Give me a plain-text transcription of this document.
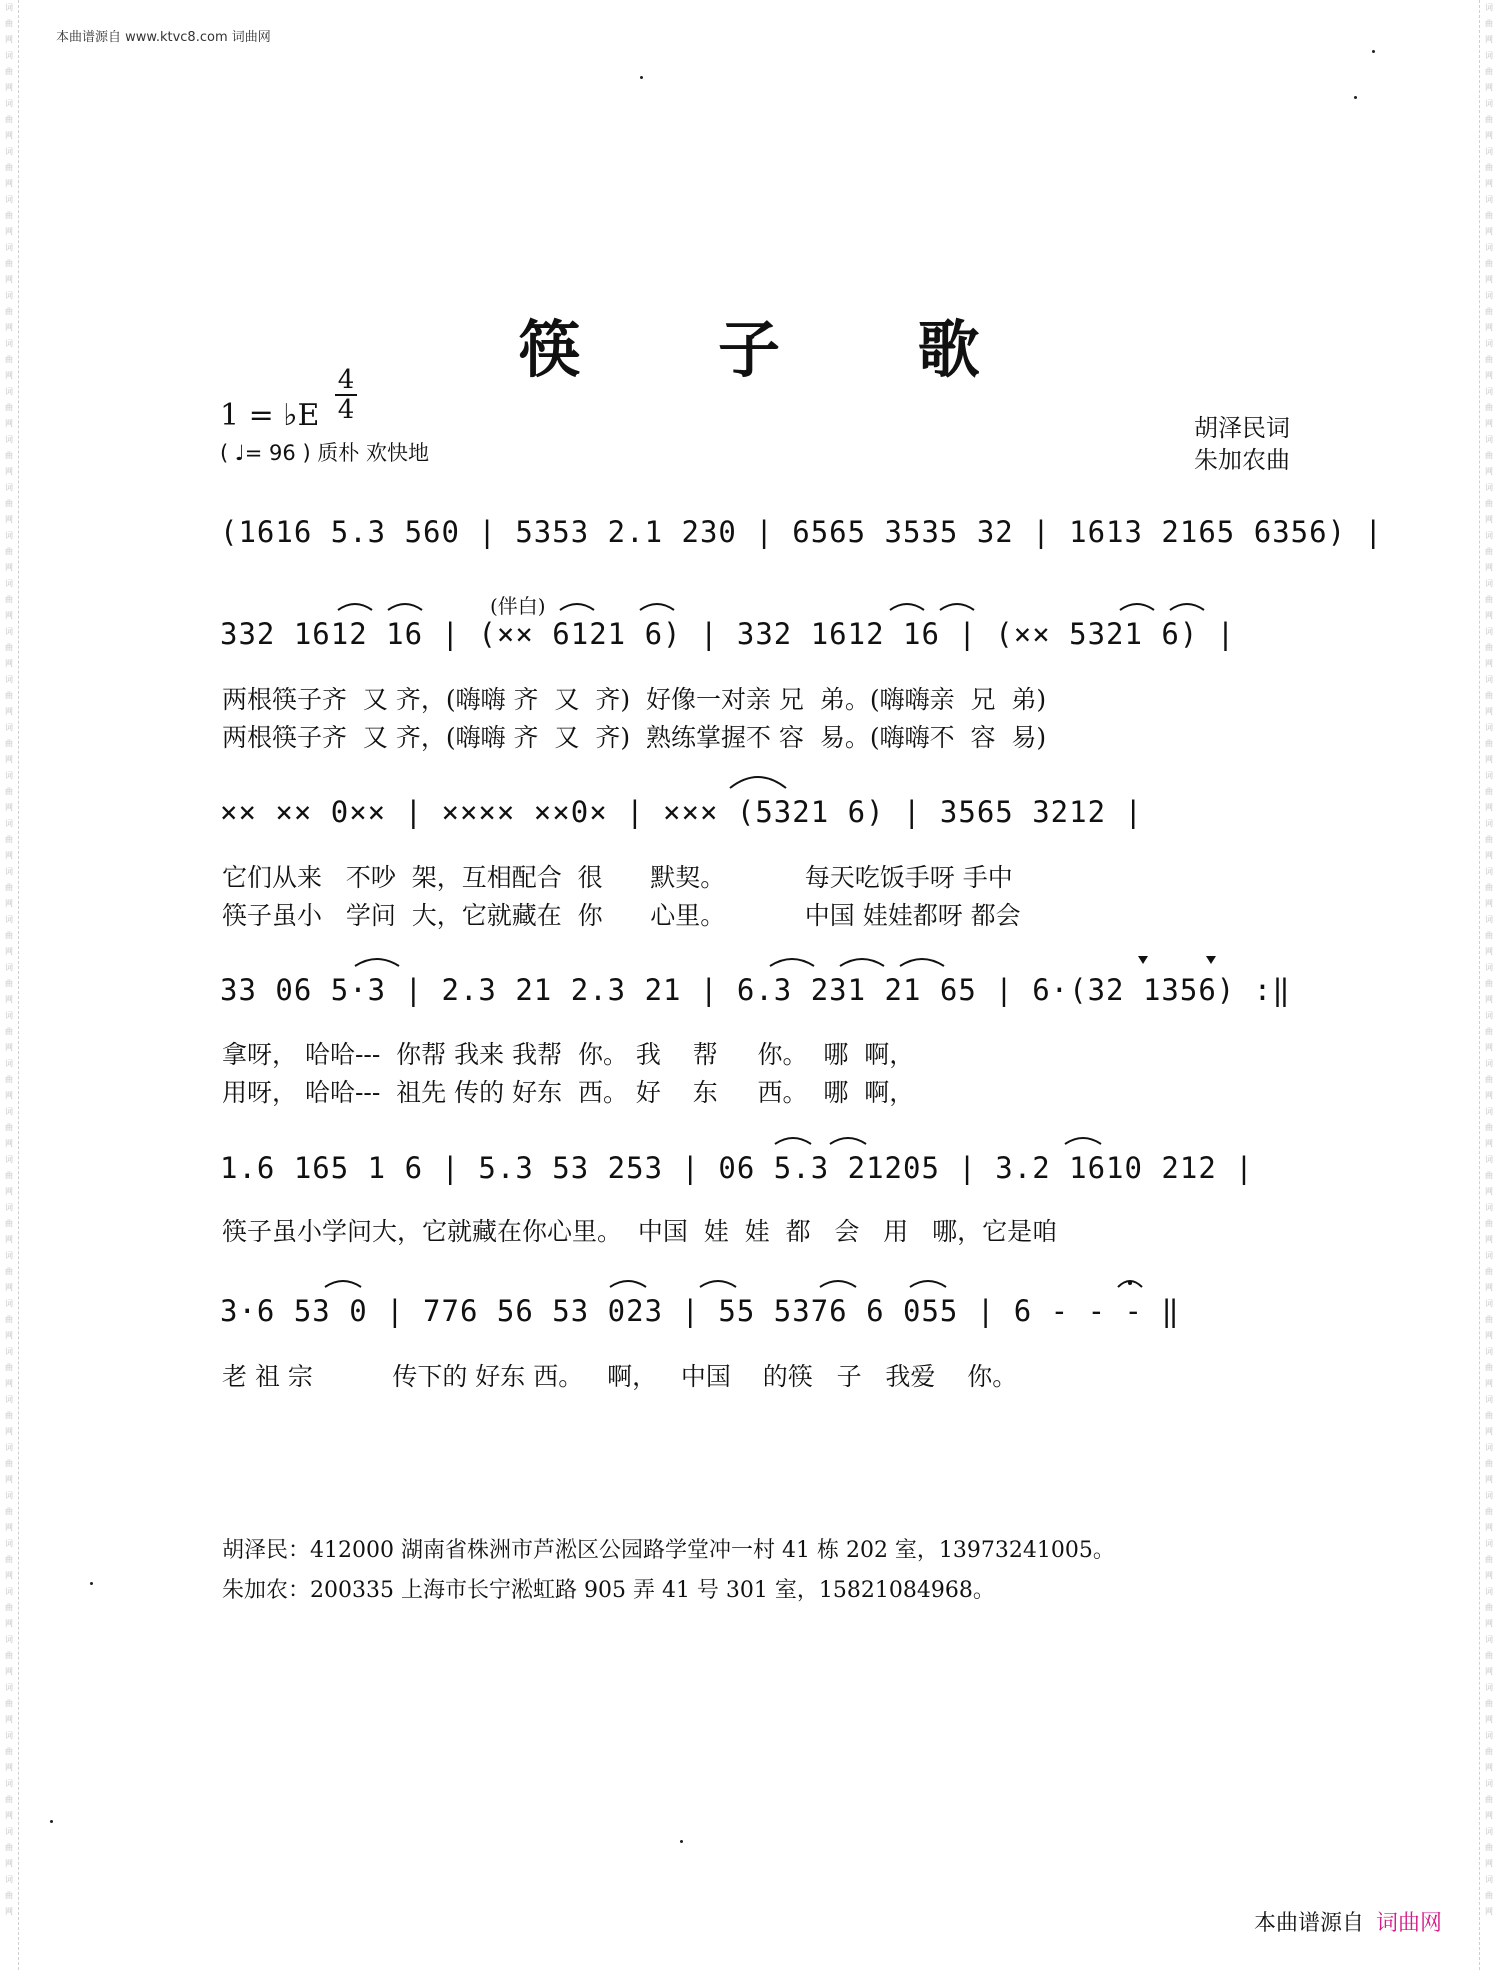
词曲网词曲网词曲网词曲网词曲网词曲网词曲网词曲网词曲网词曲网词曲网词曲网词曲网词曲网词曲网词曲网词曲网词曲网词曲网词曲网词曲网词曲网词曲网词曲网词曲网词曲网词曲网词曲网词曲网词曲网词曲网词曲网词曲网词曲网词曲网词曲网词曲网词曲网词曲网词曲网
词曲网词曲网词曲网词曲网词曲网词曲网词曲网词曲网词曲网词曲网词曲网词曲网词曲网词曲网词曲网词曲网词曲网词曲网词曲网词曲网词曲网词曲网词曲网词曲网词曲网词曲网词曲网词曲网词曲网词曲网词曲网词曲网词曲网词曲网词曲网词曲网词曲网词曲网词曲网词曲网
本曲谱源自 www.ktvc8.com 词曲网
筷 子 歌
1 = ♭E
4
4
( ♩= 96 ) 质朴 欢快地
胡泽民词
朱加农曲
(伴白)
(1616 5.3 560 | 5353 2.1 230 | 6565 3535 32 | 1613 2165 6356) |
332 1612 16 | (×× 6121 6) | 332 1612 16 | (×× 5321 6) |
×× ×× 0×× | ×××× ××0× | ××× (5321 6) | 3565 3212 |
33 06 5·3 | 2.3 21 2.3 21 | 6.3 231 21 65 | 6·(32 1356) :‖
1.6 165 1 6 | 5.3 53 253 | 06 5.3 21205 | 3.2 1610 212 |
3·6 53 0 | 776 56 53 023 | 55 5376 6 055 | 6 - - - ‖
两根筷子齐  又 齐，(嗨嗨 齐  又  齐)  好像一对亲 兄  弟。(嗨嗨亲  兄  弟)
两根筷子齐  又 齐，(嗨嗨 齐  又  齐)  熟练掌握不 容  易。(嗨嗨不  容  易)
它们从来   不吵  架，互相配合  很      默契。          每天吃饭手呀 手中
筷子虽小   学问  大，它就藏在  你      心里。          中国 娃娃都呀 都会
拿呀， 哈哈---  你帮 我来 我帮  你。 我    帮     你。  哪  啊，
用呀， 哈哈---  祖先 传的 好东  西。 好    东     西。  哪  啊，
筷子虽小学问大，它就藏在你心里。  中国  娃  娃  都   会   用   哪，它是咱
老 祖 宗          传下的 好东 西。   啊，   中国    的筷   子   我爱    你。
胡泽民：412000 湖南省株洲市芦淞区公园路学堂冲一村 41 栋 202 室，13973241005。
朱加农：200335 上海市长宁淞虹路 905 弄 41 号 301 室，15821084968。
本曲谱源自 词曲网
